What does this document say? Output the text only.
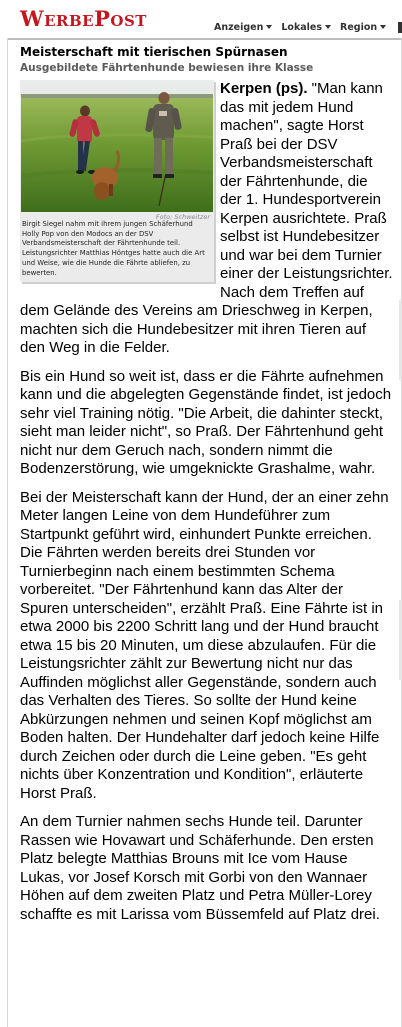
WerbePost	Anzeigen	Lokales	Region
Meisterschaft mit tierischen Spürnasen
Ausgebildete Fährtenhunde bewiesen ihre Klasse
Foto: Schweitzer
Birgit Siegel nahm mit ihrem jungen Schäferhund Holly Pop von den Modocs an der DSV Verbandsmeisterschaft der Fährtenhunde teil. Leistungsrichter Matthias Höntges hatte auch die Art und Weise, wie die Hunde die Fährte abliefen, zu bewerten.

Kerpen (ps). "Man kann das mit jedem Hund machen", sagte Horst Praß bei der DSV Verbandsmeisterschaft der Fährtenhunde, die der 1. Hundesportverein Kerpen ausrichtete. Praß selbst ist Hundebesitzer und war bei dem Turnier einer der Leistungsrichter. Nach dem Treffen auf dem Gelände des Vereins am Drieschweg in Kerpen, machten sich die Hundebesitzer mit ihren Tieren auf den Weg in die Felder.

Bis ein Hund so weit ist, dass er die Fährte aufnehmen kann und die abgelegten Gegenstände findet, ist jedoch sehr viel Training nötig. "Die Arbeit, die dahinter steckt, sieht man leider nicht", so Praß. Der Fährtenhund geht nicht nur dem Geruch nach, sondern nimmt die Bodenzerstörung, wie umgeknickte Grashalme, wahr.

Bei der Meisterschaft kann der Hund, der an einer zehn Meter langen Leine von dem Hundeführer zum Startpunkt geführt wird, einhundert Punkte erreichen. Die Fährten werden bereits drei Stunden vor Turnierbeginn nach einem bestimmten Schema vorbereitet. "Der Fährtenhund kann das Alter der Spuren unterscheiden", erzählt Praß. Eine Fährte ist in etwa 2000 bis 2200 Schritt lang und der Hund braucht etwa 15 bis 20 Minuten, um diese abzulaufen. Für die Leistungsrichter zählt zur Bewertung nicht nur das Auffinden möglichst aller Gegenstände, sondern auch das Verhalten des Tieres. So sollte der Hund keine Abkürzungen nehmen und seinen Kopf möglichst am Boden halten. Der Hundehalter darf jedoch keine Hilfe durch Zeichen oder durch die Leine geben. "Es geht nichts über Konzentration und Kondition", erläuterte Horst Praß.

An dem Turnier nahmen sechs Hunde teil. Darunter Rassen wie Hovawart und Schäferhunde. Den ersten Platz belegte Matthias Brouns mit Ice vom Hause Lukas, vor Josef Korsch mit Gorbi von den Wannaer Höhen auf dem zweiten Platz und Petra Müller-Lorey schaffte es mit Larissa vom Büssemfeld auf Platz drei.
